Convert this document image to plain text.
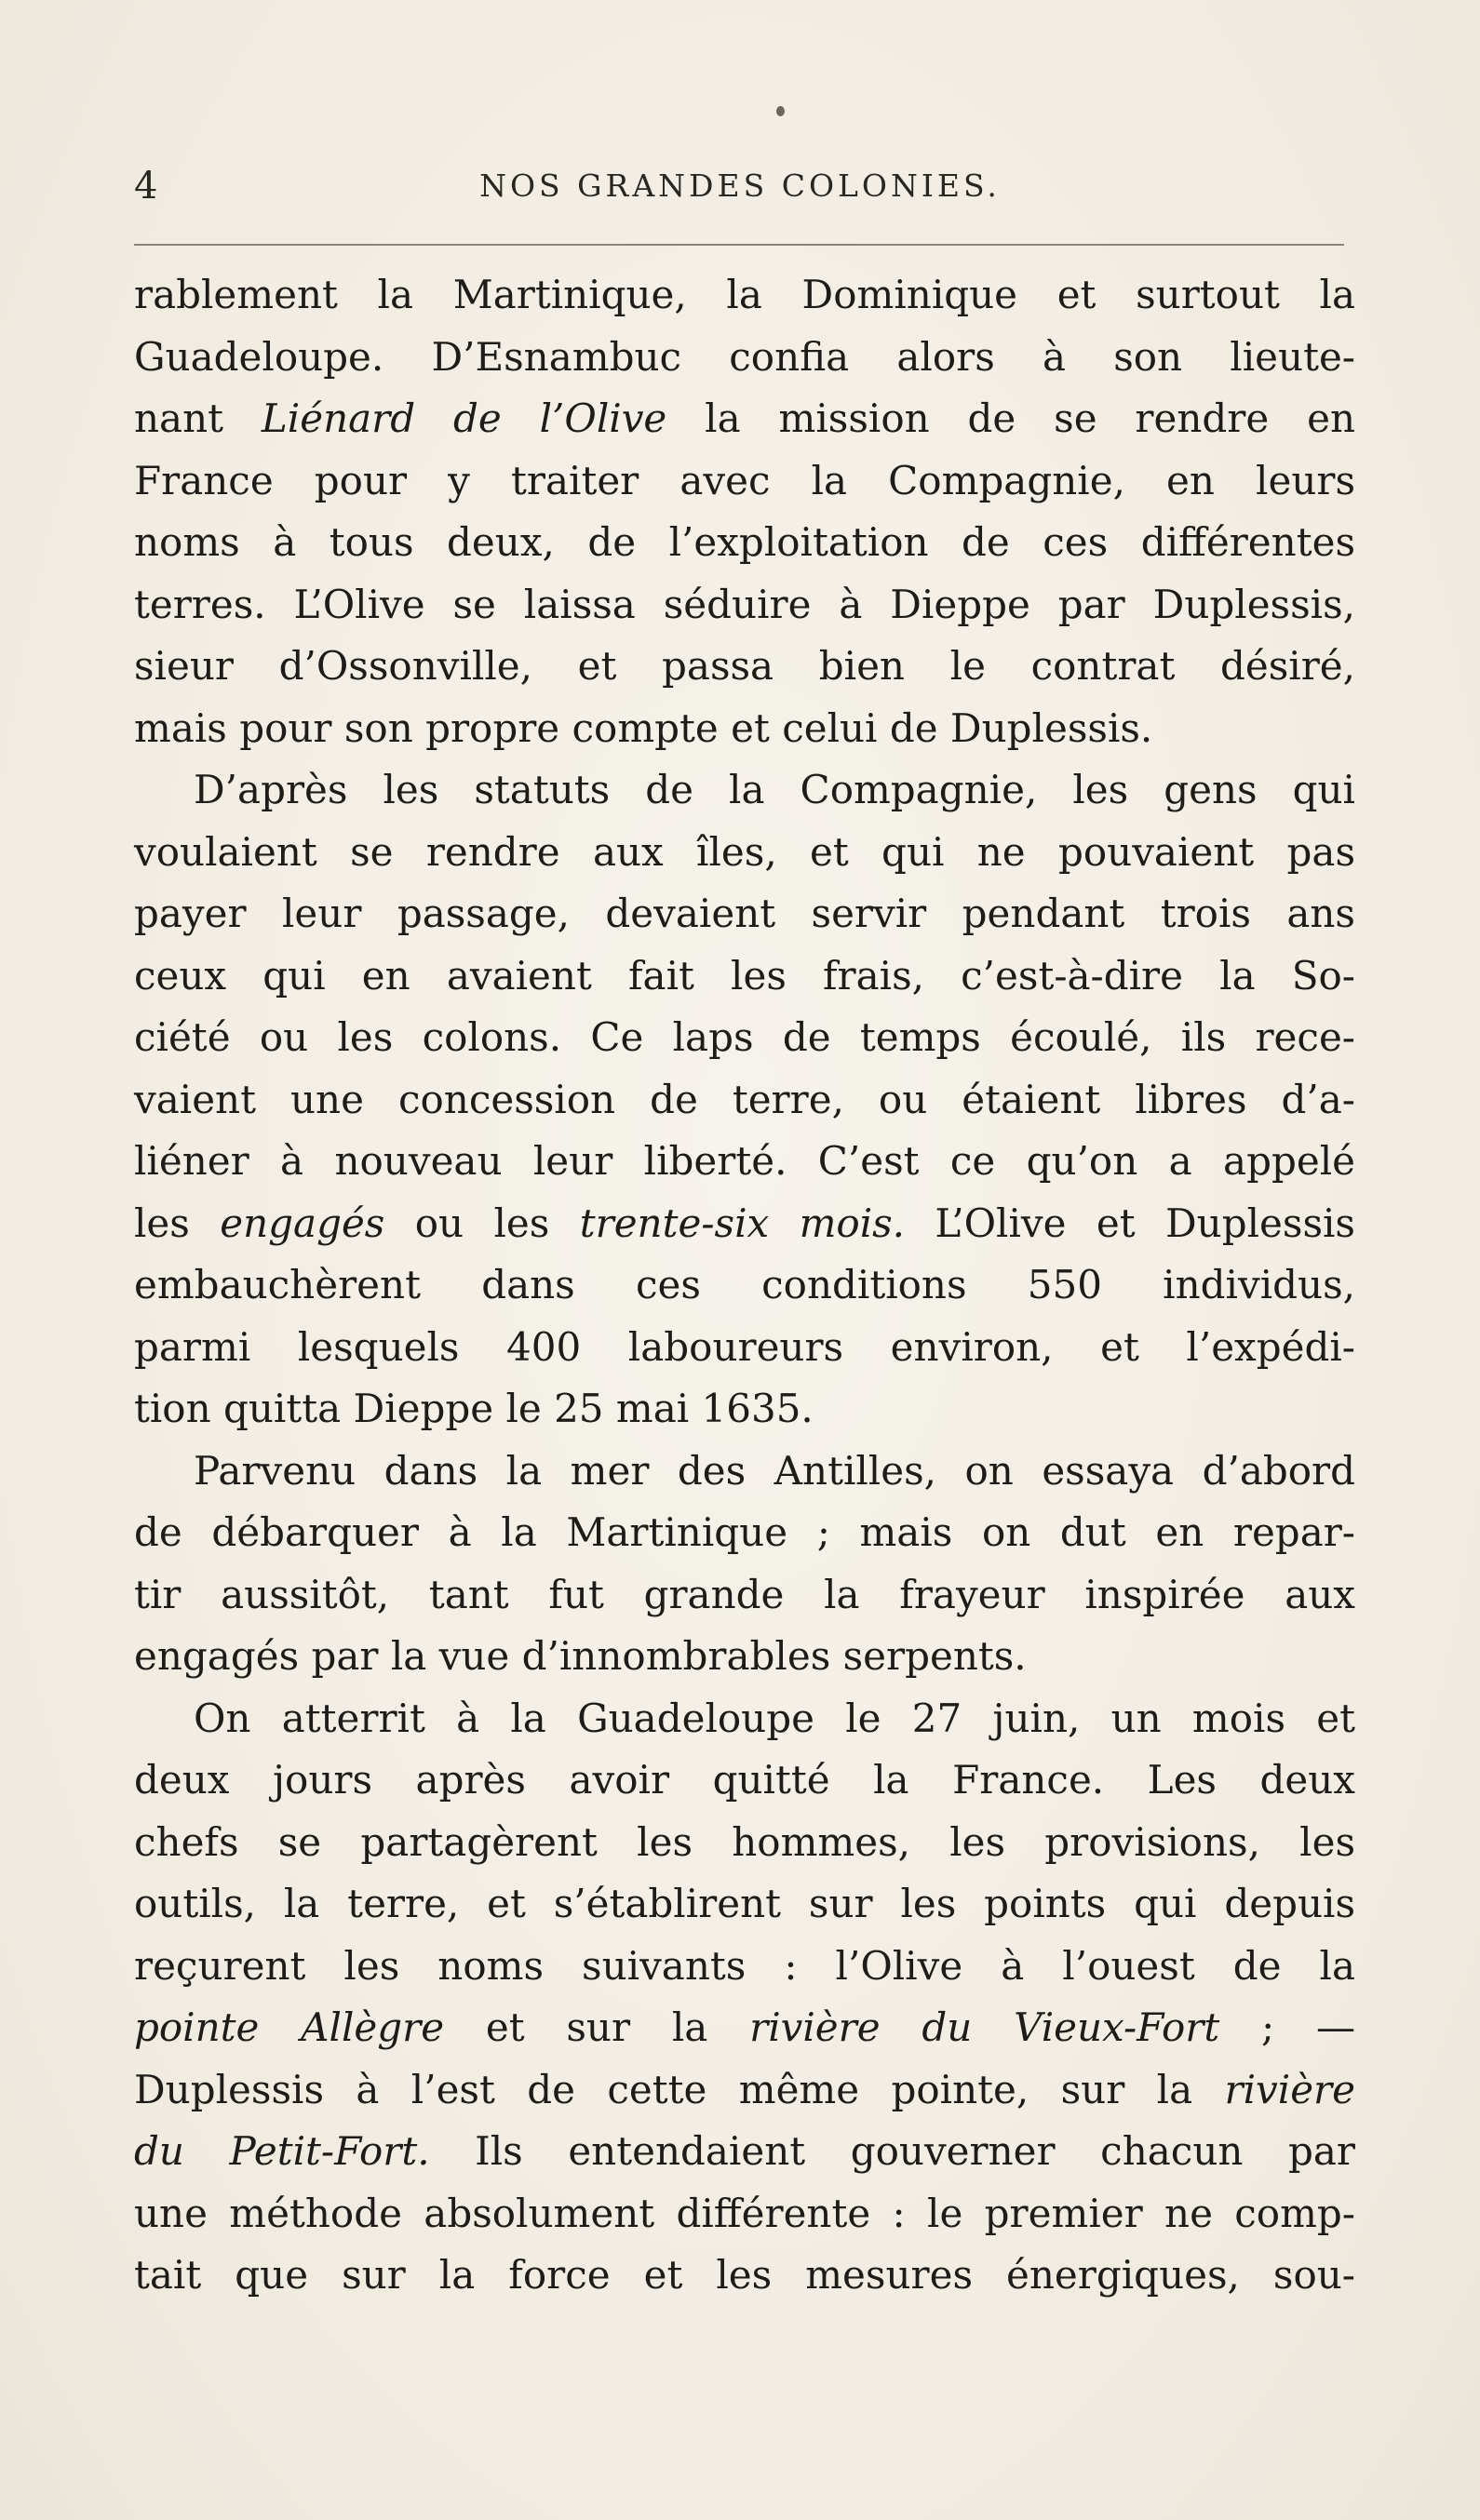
4	NOS GRANDES COLONIES.
rablement la Martinique, la Dominique et surtout la
Guadeloupe. D’Esnambuc confia alors à son lieute-
nant Liénard de l’Olive la mission de se rendre en
France pour y traiter avec la Compagnie, en leurs
noms à tous deux, de l’exploitation de ces différentes
terres. L’Olive se laissa séduire à Dieppe par Duplessis,
sieur d’Ossonville, et passa bien le contrat désiré,
mais pour son propre compte et celui de Duplessis.
D’après les statuts de la Compagnie, les gens qui
voulaient se rendre aux îles, et qui ne pouvaient pas
payer leur passage, devaient servir pendant trois ans
ceux qui en avaient fait les frais, c’est-à-dire la So-
ciété ou les colons. Ce laps de temps écoulé, ils rece-
vaient une concession de terre, ou étaient libres d’a-
liéner à nouveau leur liberté. C’est ce qu’on a appelé
les engagés ou les trente-six mois. L’Olive et Duplessis
embauchèrent dans ces conditions 550 individus,
parmi lesquels 400 laboureurs environ, et l’expédi-
tion quitta Dieppe le 25 mai 1635.
Parvenu dans la mer des Antilles, on essaya d’abord
de débarquer à la Martinique ; mais on dut en repar-
tir aussitôt, tant fut grande la frayeur inspirée aux
engagés par la vue d’innombrables serpents.
On atterrit à la Guadeloupe le 27 juin, un mois et
deux jours après avoir quitté la France. Les deux
chefs se partagèrent les hommes, les provisions, les
outils, la terre, et s’établirent sur les points qui depuis
reçurent les noms suivants : l’Olive à l’ouest de la
pointe Allègre et sur la rivière du Vieux-Fort ; —
Duplessis à l’est de cette même pointe, sur la rivière
du Petit-Fort. Ils entendaient gouverner chacun par
une méthode absolument différente : le premier ne comp-
tait que sur la force et les mesures énergiques, sou-
